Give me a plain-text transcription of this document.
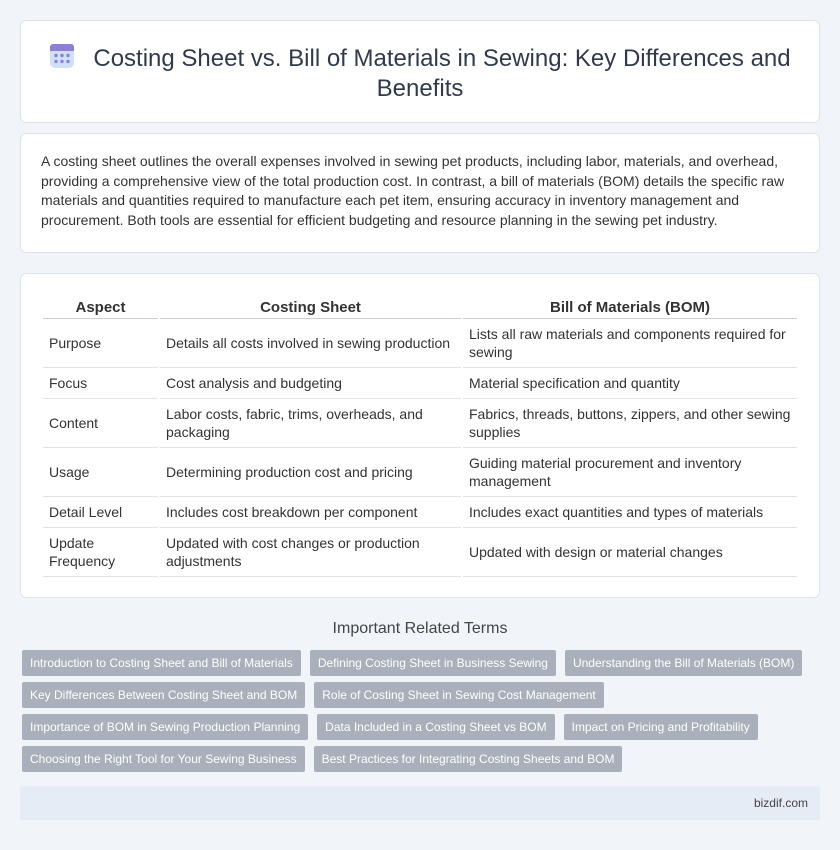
Costing Sheet vs. Bill of Materials in Sewing: Key Differences and Benefits

A costing sheet outlines the overall expenses involved in sewing pet products, including labor, materials, and overhead, providing a comprehensive view of the total production cost. In contrast, a bill of materials (BOM) details the specific raw materials and quantities required to manufacture each pet item, ensuring accuracy in inventory management and procurement. Both tools are essential for efficient budgeting and resource planning in the sewing pet industry.

Aspect	Costing Sheet	Bill of Materials (BOM)
Purpose	Details all costs involved in sewing production	Lists all raw materials and components required for sewing
Focus	Cost analysis and budgeting	Material specification and quantity
Content	Labor costs, fabric, trims, overheads, and packaging	Fabrics, threads, buttons, zippers, and other sewing supplies
Usage	Determining production cost and pricing	Guiding material procurement and inventory management
Detail Level	Includes cost breakdown per component	Includes exact quantities and types of materials
Update Frequency	Updated with cost changes or production adjustments	Updated with design or material changes
Important Related Terms
Introduction to Costing Sheet and Bill of Materials	Defining Costing Sheet in Business Sewing	Understanding the Bill of Materials (BOM)
Key Differences Between Costing Sheet and BOM	Role of Costing Sheet in Sewing Cost Management
Importance of BOM in Sewing Production Planning	Data Included in a Costing Sheet vs BOM	Impact on Pricing and Profitability
Choosing the Right Tool for Your Sewing Business	Best Practices for Integrating Costing Sheets and BOM
bizdif.com
